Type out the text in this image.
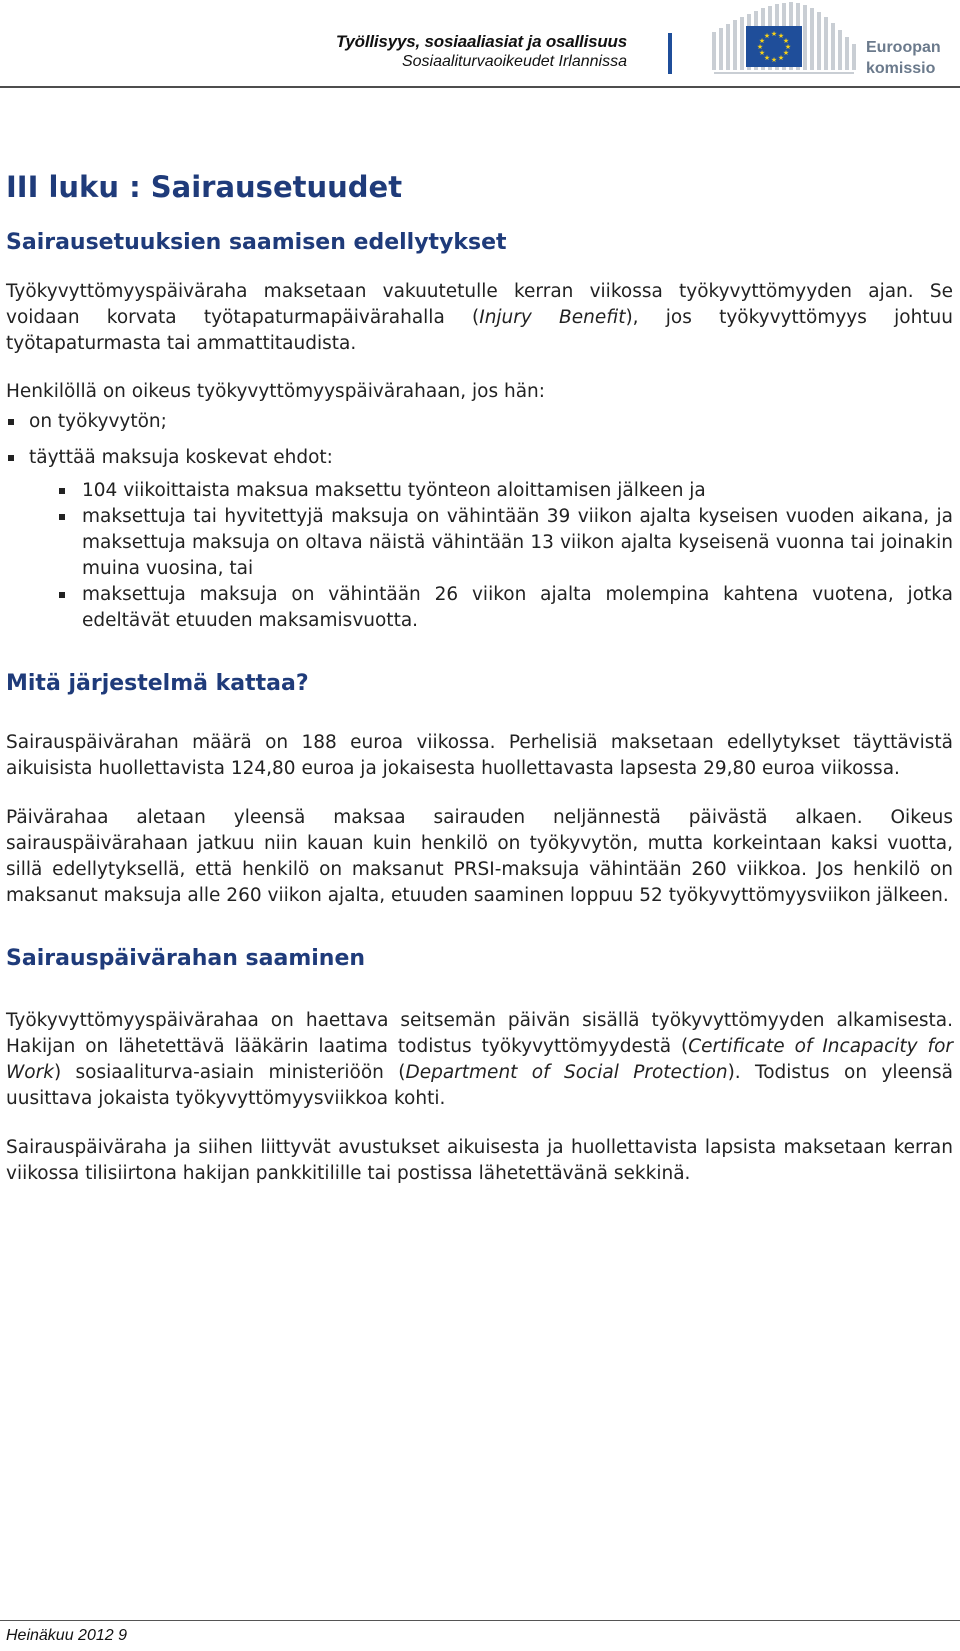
Työllisyys, sosiaaliasiat ja osallisuus
Sosiaaliturvaoikeudet Irlannissa
★ ★
★
★
★
★
★
★
★
★
★
★
Euroopan
komissio
III luku : Sairausetuudet
Sairausetuuksien saamisen edellytykset

Työkyvyttömyyspäiväraha maksetaan vakuutetulle kerran viikossa työkyvyttömyyden ajan. Se voidaan korvata työtapaturmapäivärahalla (Injury Benefit), jos työkyvyttömyys johtuu työtapaturmasta tai ammattitaudista.

Henkilöllä on oikeus työkyvyttömyyspäivärahaan, jos hän:

on työkyvytön;
täyttää maksuja koskevat ehdot:
104 viikoittaista maksua maksettu työnteon aloittamisen jälkeen ja
maksettuja tai hyvitettyjä maksuja on vähintään 39 viikon ajalta kyseisen vuoden aikana, ja maksettuja maksuja on oltava näistä vähintään 13 viikon ajalta kyseisenä vuonna tai joinakin muina vuosina, tai
maksettuja maksuja on vähintään 26 viikon ajalta molempina kahtena vuotena, jotka edeltävät etuuden maksamisvuotta.
Mitä järjestelmä kattaa?

Sairauspäivärahan määrä on 188 euroa viikossa. Perhelisiä maksetaan edellytykset täyttävistä aikuisista huollettavista 124,80 euroa ja jokaisesta huollettavasta lapsesta 29,80 euroa viikossa.

Päivärahaa aletaan yleensä maksaa sairauden neljännestä päivästä alkaen. Oikeus sairauspäivärahaan jatkuu niin kauan kuin henkilö on työkyvytön, mutta korkeintaan kaksi vuotta, sillä edellytyksellä, että henkilö on maksanut PRSI-maksuja vähintään 260 viikkoa. Jos henkilö on maksanut maksuja alle 260 viikon ajalta, etuuden saaminen loppuu 52 työkyvyttömyysviikon jälkeen.

Sairauspäivärahan saaminen

Työkyvyttömyyspäivärahaa on haettava seitsemän päivän sisällä työkyvyttömyyden alkamisesta. Hakijan on lähetettävä lääkärin laatima todistus työkyvyttömyydestä (Certificate of Incapacity for Work) sosiaaliturva-asiain ministeriöön (Department of Social Protection). Todistus on yleensä uusittava jokaista työkyvyttömyysviikkoa kohti.

Sairauspäiväraha ja siihen liittyvät avustukset aikuisesta ja huollettavista lapsista maksetaan kerran viikossa tilisiirtona hakijan pankkitilille tai postissa lähetettävänä sekkinä.

Heinäkuu 2012 9
